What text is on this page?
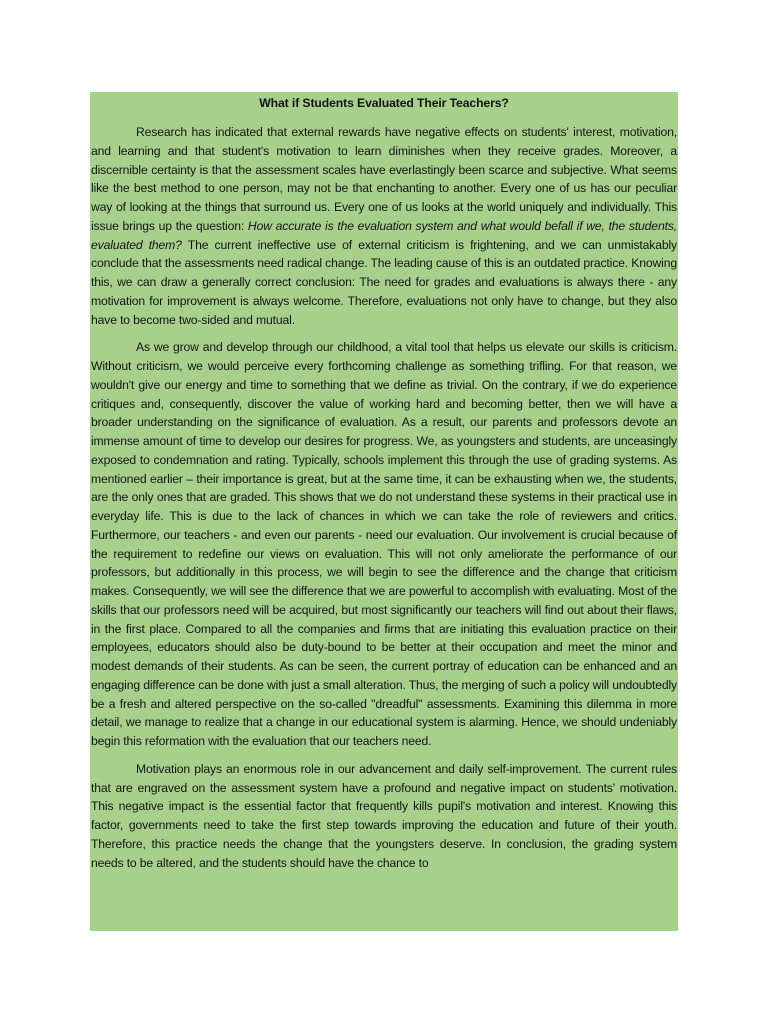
What if Students Evaluated Their Teachers?

Research has indicated that external rewards have negative effects on students' interest, motivation, and learning and that student's motivation to learn diminishes when they receive grades. Moreover, a discernible certainty is that the assessment scales have everlastingly been scarce and subjective. What seems like the best method to one person, may not be that enchanting to another. Every one of us has our peculiar way of looking at the things that surround us. Every one of us looks at the world uniquely and individually. This issue brings up the question: How accurate is the evaluation system and what would befall if we, the students, evaluated them? The current ineffective use of external criticism is frightening, and we can unmistakably conclude that the assessments need radical change. The leading cause of this is an outdated practice. Knowing this, we can draw a generally correct conclusion: The need for grades and evaluations is always there - any motivation for improvement is always welcome. Therefore, evaluations not only have to change, but they also have to become two-sided and mutual.

As we grow and develop through our childhood, a vital tool that helps us elevate our skills is criticism. Without criticism, we would perceive every forthcoming challenge as something trifling. For that reason, we wouldn't give our energy and time to something that we define as trivial. On the contrary, if we do experience critiques and, consequently, discover the value of working hard and becoming better, then we will have a broader understanding on the significance of evaluation. As a result, our parents and professors devote an immense amount of time to develop our desires for progress. We, as youngsters and students, are unceasingly exposed to condemnation and rating. Typically, schools implement this through the use of grading systems. As mentioned earlier – their importance is great, but at the same time, it can be exhausting when we, the students, are the only ones that are graded. This shows that we do not understand these systems in their practical use in everyday life. This is due to the lack of chances in which we can take the role of reviewers and critics. Furthermore, our teachers - and even our parents - need our evaluation. Our involvement is crucial because of the requirement to redefine our views on evaluation. This will not only ameliorate the performance of our professors, but additionally in this process, we will begin to see the difference and the change that criticism makes. Consequently, we will see the difference that we are powerful to accomplish with evaluating. Most of the skills that our professors need will be acquired, but most significantly our teachers will find out about their flaws, in the first place. Compared to all the companies and firms that are initiating this evaluation practice on their employees, educators should also be duty-bound to be better at their occupation and meet the minor and modest demands of their students. As can be seen, the current portray of education can be enhanced and an engaging difference can be done with just a small alteration. Thus, the merging of such a policy will undoubtedly be a fresh and altered perspective on the so-called "dreadful" assessments. Examining this dilemma in more detail, we manage to realize that a change in our educational system is alarming. Hence, we should undeniably begin this reformation with the evaluation that our teachers need.

Motivation plays an enormous role in our advancement and daily self-improvement. The current rules that are engraved on the assessment system have a profound and negative impact on students' motivation. This negative impact is the essential factor that frequently kills pupil's motivation and interest. Knowing this factor, governments need to take the first step towards improving the education and future of their youth. Therefore, this practice needs the change that the youngsters deserve. In conclusion, the grading system needs to be altered, and the students should have the chance to
